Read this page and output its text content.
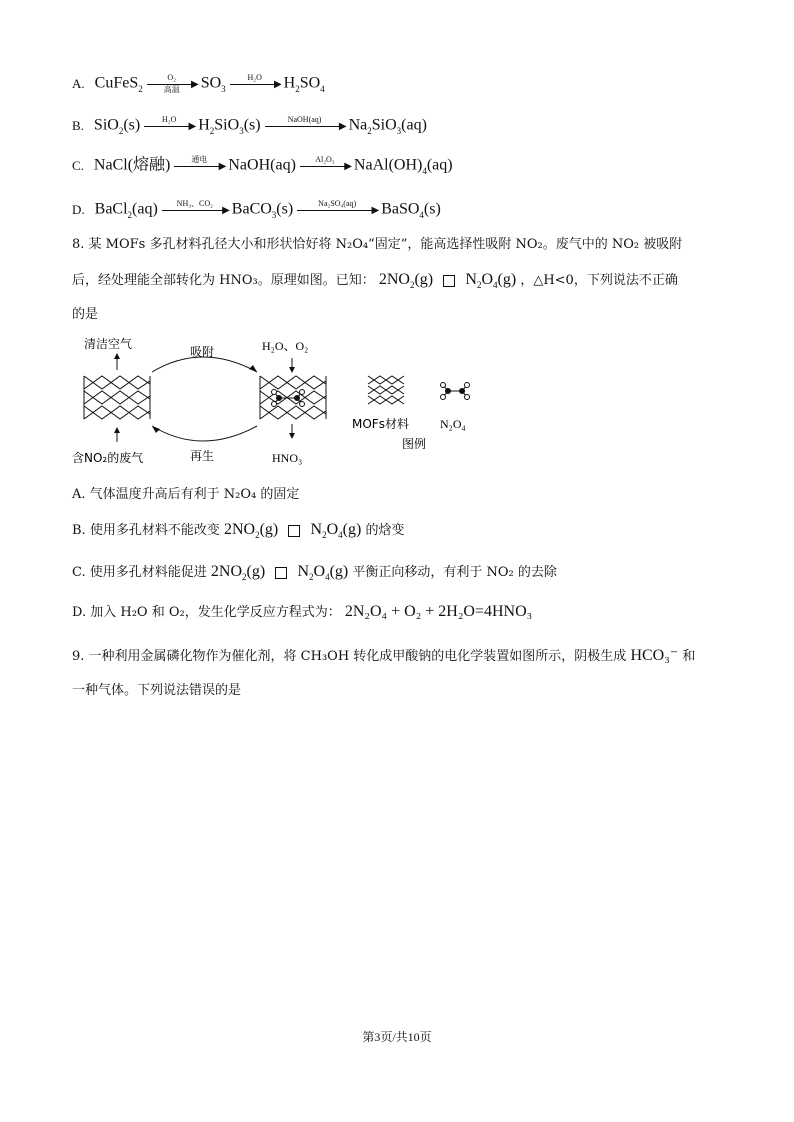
A. CuFeS$_2$
O₂
▶
高温	$SO_3$
H₂O
▶ $H_2SO_4$
B. SiO$_2$(s)	H₂O
▶ $H_2SiO_3(s)$	NaOH(aq)
▶ $Na_2SiO_3(aq)$
C. NaCl(熔融)	通电
▶ NaOH(aq)	Al₂O₃
▶ $NaAl(OH)_4(aq)$
D. BaCl$_2$(aq)	NH₃、CO₂
▶ BaCO$_3$(s)	Na₂SO₄(aq)
▶ BaSO$_4$(s)
8. 某 MOFs 多孔材料孔径大小和形状恰好将 N₂O₄“固定”，能高选择性吸附 NO₂。废气中的 NO₂ 被吸附
后，经处理能全部转化为 HNO₃。原理如图。已知： $2NO_2(g)$ $N_2O_4(g)$ ，△H<0，下列说法不正确
的是
清洁空气
吸附	H₂O、O₂
再生
含NO₂的废气	HNO₃
MOFs材料	N₂O₄
图例
A. 气体温度升高后有利于 N₂O₄ 的固定
B. 使用多孔材料不能改变 $2NO_2(g)$ $N_2O_4(g)$ 的焓变
C. 使用多孔材料能促进 $2NO_2(g)$ $N_2O_4(g)$ 平衡正向移动，有利于 NO₂ 的去除
D. 加入 H₂O 和 O₂，发生化学反应方程式为： 2N₂O₄ + O₂ + 2H₂O=4HNO₃
9. 一种利用金属磷化物作为催化剂，将 CH₃OH 转化成甲酸钠的电化学装置如图所示，阴极生成 HCO₃⁻ 和
一种气体。下列说法错误的是
第3页/共10页
